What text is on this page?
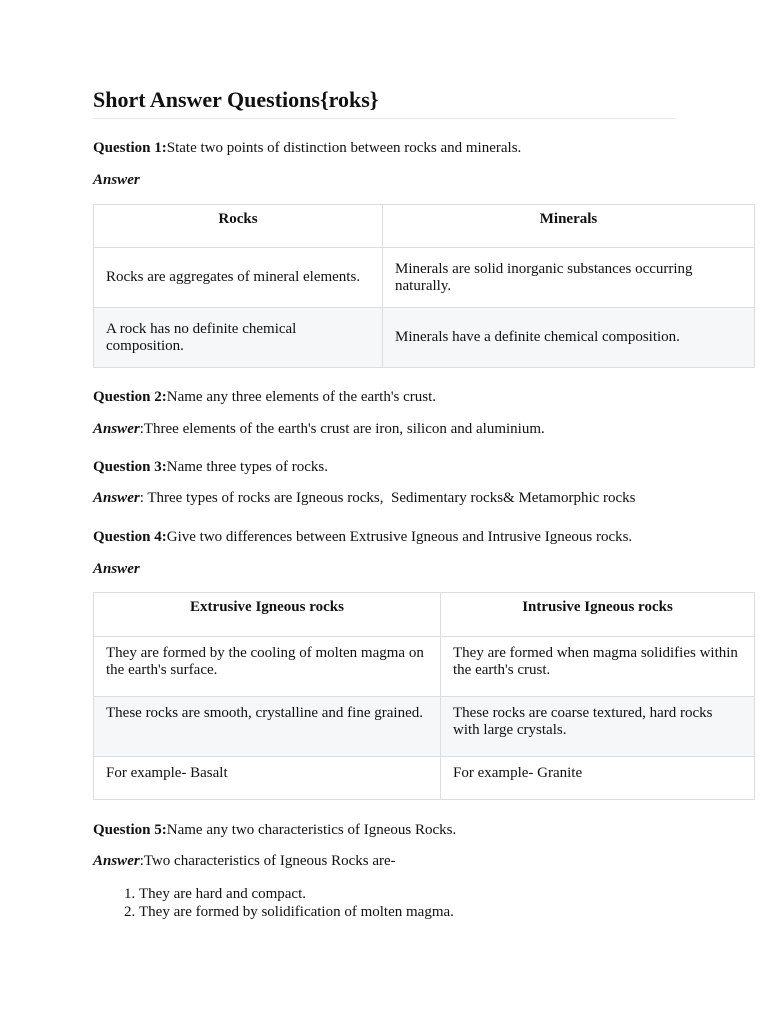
Short Answer Questions{roks}

Question 1:State two points of distinction between rocks and minerals.

Answer

Rocks	Minerals
Rocks are aggregates of mineral elements.	Minerals are solid inorganic substances occurring naturally.
A rock has no definite chemical composition.	Minerals have a definite chemical composition.

Question 2:Name any three elements of the earth's crust.

Answer:Three elements of the earth's crust are iron, silicon and aluminium.

Question 3:Name three types of rocks.

Answer: Three types of rocks are Igneous rocks,  Sedimentary rocks& Metamorphic rocks

Question 4:Give two differences between Extrusive Igneous and Intrusive Igneous rocks.

Answer

Extrusive Igneous rocks	Intrusive Igneous rocks
They are formed by the cooling of molten magma on the earth's surface.	They are formed when magma solidifies within the earth's crust.
These rocks are smooth, crystalline and fine grained.	These rocks are coarse textured, hard rocks with large crystals.
For example- Basalt	For example- Granite

Question 5:Name any two characteristics of Igneous Rocks.

Answer:Two characteristics of Igneous Rocks are-

1. They are hard and compact.
2. They are formed by solidification of molten magma.
